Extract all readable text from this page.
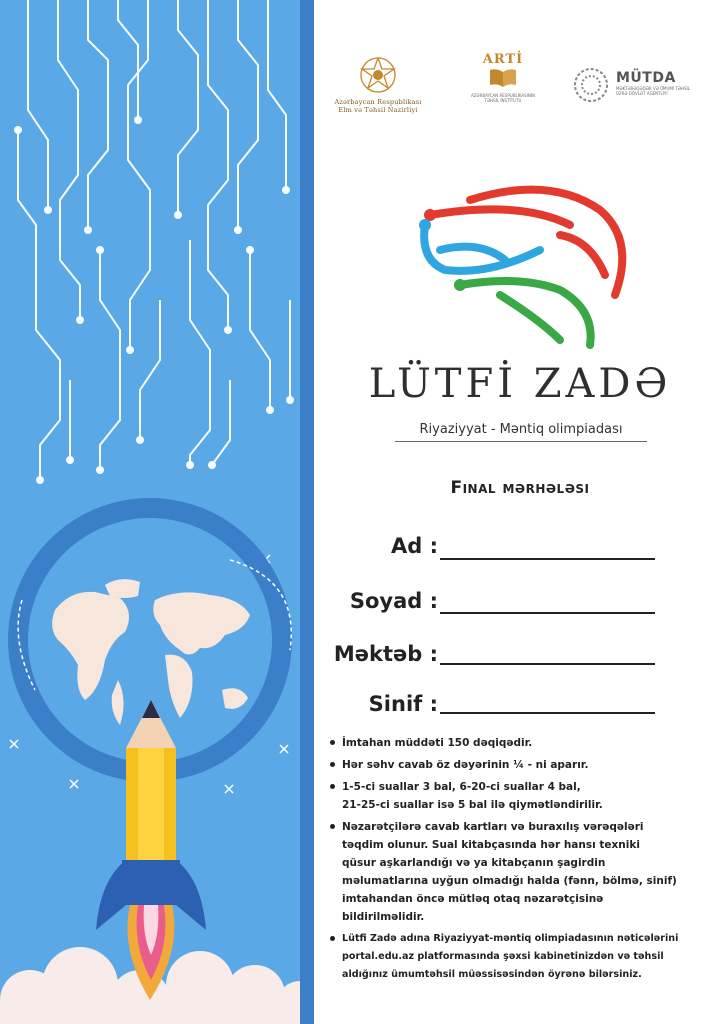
Azərbaycan Respublikası
Elm və Təhsil Nazirliyi
ARTİ
AZƏRBAYCAN RESPUBLİKASININ
TƏHSİL İNSTİTUTU
MÜTDA
MƏKTƏBƏQƏDƏR VƏ ÜMUMİ TƏHSİL
ÜZRƏ DÖVLƏT AGENTLİYİ
LÜTFİ ZADƏ
Riyaziyyat - Məntiq olimpiadası
Final mərhələsi
Ad :
Soyad :
Məktəb :
Sinif :
İmtahan müddəti 150 dəqiqədir.
Hər səhv cavab öz dəyərinin ¼ - ni aparır.
1-5-ci suallar 3 bal, 6-20-ci suallar 4 bal,
21-25-ci suallar isə 5 bal ilə qiymətləndirilir.
Nəzarətçilərə cavab kartları və buraxılış vərəqələri
təqdim olunur. Sual kitabçasında hər hansı texniki
qüsur aşkarlandığı və ya kitabçanın şagirdin
məlumatlarına uyğun olmadığı halda (fənn, bölmə, sinif)
imtahandan öncə mütləq otaq nəzarətçisinə
bildirilməlidir.
Lütfi Zadə adına Riyaziyyat-məntiq olimpiadasının nəticələrini
portal.edu.az platformasında şəxsi kabinetinizdən və təhsil
aldığınız ümumtəhsil müəssisəsindən öyrənə bilərsiniz.
